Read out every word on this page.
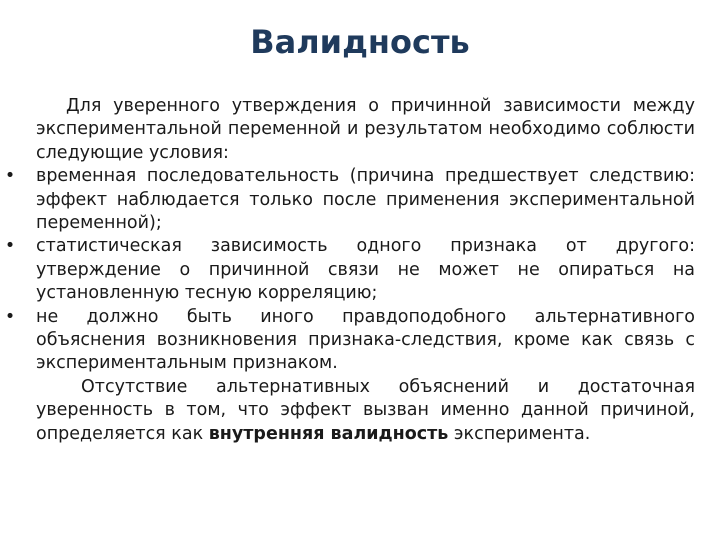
Валидность

Для уверенного утверждения о причинной зависимости между экспериментальной переменной и результатом необходимо соблюсти следующие условия:

• временная последовательность (причина предшествует следствию: эффект наблюдается только после применения экспериментальной переменной);
• статистическая зависимость одного признака от другого: утверждение о причинной связи не может не опираться на установленную тесную корреляцию;
• не должно быть иного правдоподобного альтернативного объяснения возникновения признака-следствия, кроме как связь с экспериментальным признаком.

Отсутствие альтернативных объяснений и достаточная уверенность в том, что эффект вызван именно данной причиной, определяется как внутренняя валидность эксперимента.
